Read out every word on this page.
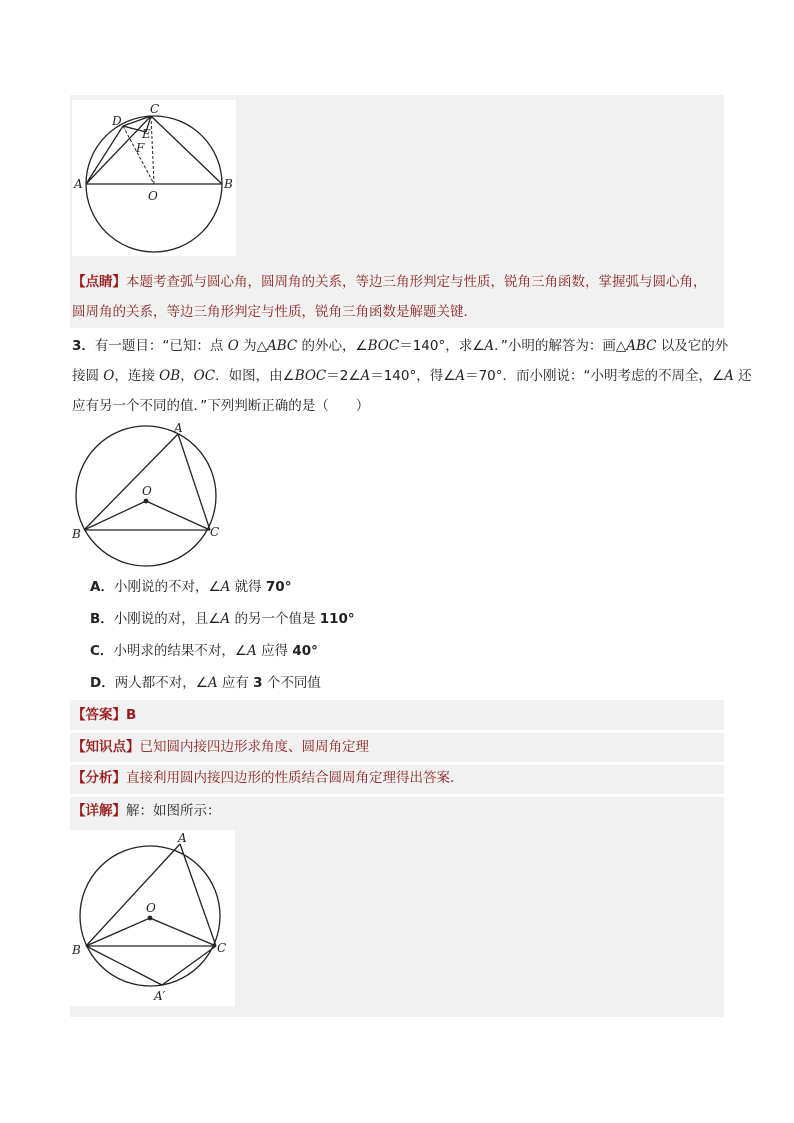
A	B
C
D
E
F
O
【点睛】本题考查弧与圆心角，圆周角的关系，等边三角形判定与性质，锐角三角函数，掌握弧与圆心角，
圆周角的关系，等边三角形判定与性质，锐角三角函数是解题关键．
3．有一题目：“已知：点 O 为△ABC 的外心，∠BOC＝140°，求∠A．”小明的解答为：画△ABC 以及它的外
接圆 O，连接 OB，OC．如图，由∠BOC＝2∠A＝140°，得∠A＝70°．而小刚说：“小明考虑的不周全，∠A 还
应有另一个不同的值．”下列判断正确的是（　　）
A
B	C
O
A．小刚说的不对，∠A 就得 70°
B．小刚说的对，且∠A 的另一个值是 110°
C．小明求的结果不对，∠A 应得 40°
D．两人都不对，∠A 应有 3 个不同值
【答案】B
【知识点】已知圆内接四边形求角度、圆周角定理
【分析】直接利用圆内接四边形的性质结合圆周角定理得出答案．
【详解】解：如图所示：
A
B	C
O
A′
